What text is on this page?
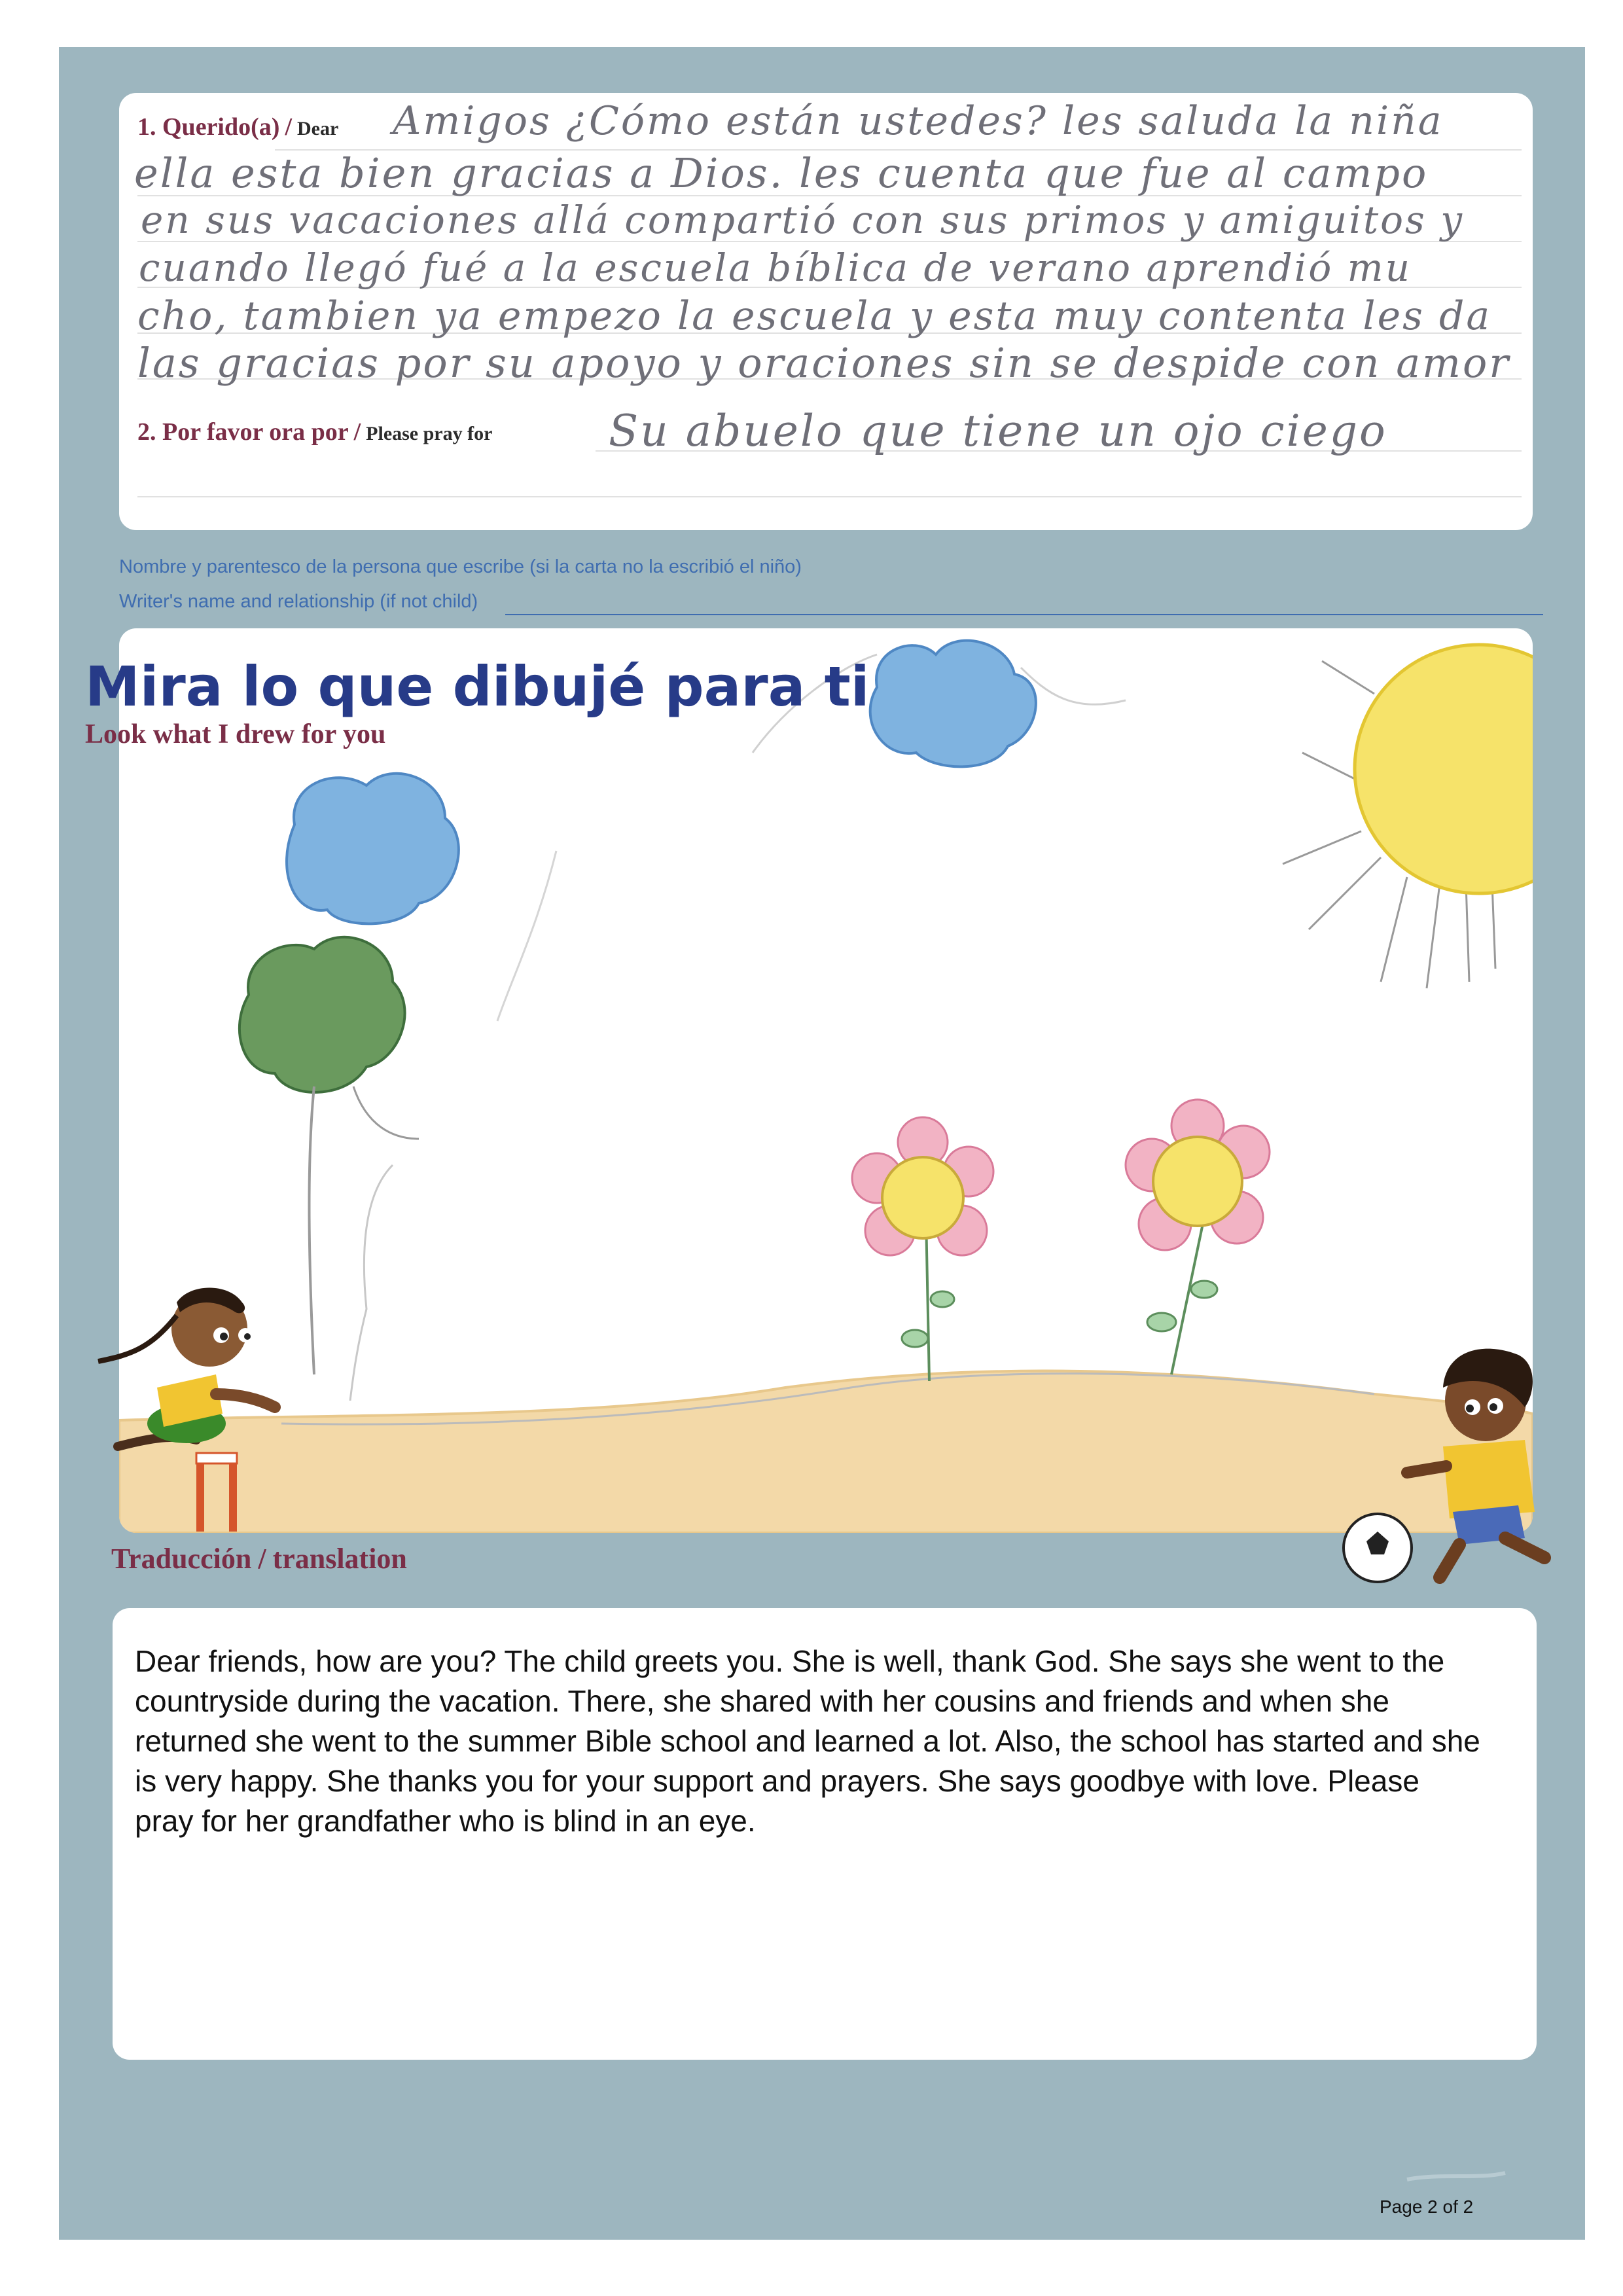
1. Querido(a) / Dear Amigos ¿Cómo están ustedes? les saluda la niña
ella esta bien gracias a Dios. les cuenta que fue al campo
en sus vacaciones allá compartió con sus primos y amiguitos y
cuando llegó fué a la escuela bíblica de verano aprendió mu
cho, tambien ya empezo la escuela y esta muy contenta les da
las gracias por su apoyo y oraciones sin se despide con amor
2. Por favor ora por / Please pray for	Su abuelo que tiene un ojo ciego
Nombre y parentesco de la persona que escribe (si la carta no la escribió el niño)
Writer's name and relationship (if not child)
Mira lo que dibujé para ti
Look what I drew for you
Traducción / translation
Dear friends, how are you? The child greets you. She is well, thank God. She says she went to the countryside during the vacation. There, she shared with her cousins and friends and when she returned she went to the summer Bible school and learned a lot. Also, the school has started and she is very happy. She thanks you for your support and prayers. She says goodbye with love. Please pray for her grandfather who is blind in an eye.
Page 2 of 2
